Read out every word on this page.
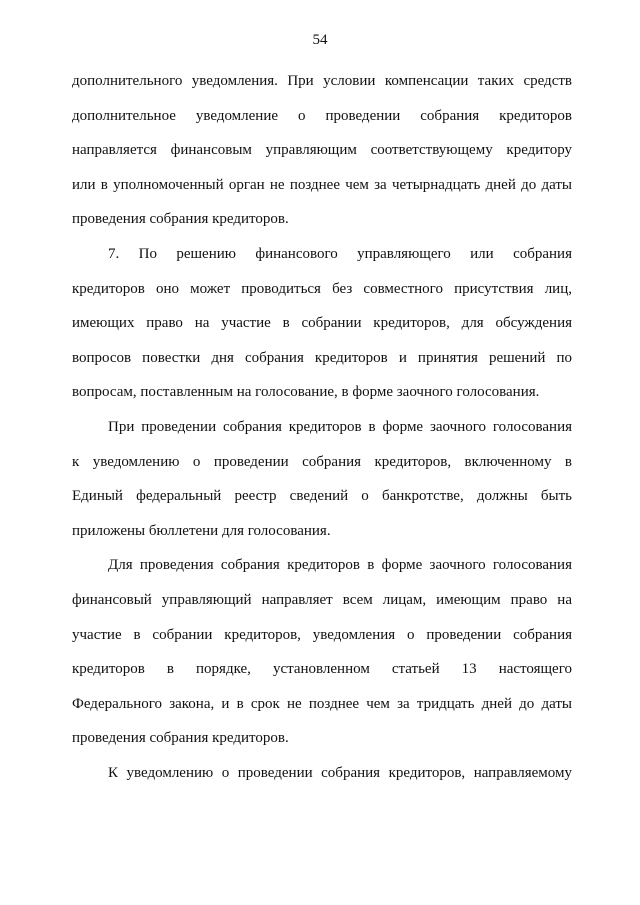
54
дополнительного уведомления. При условии компенсации таких средств
дополнительное уведомление о проведении собрания кредиторов
направляется финансовым управляющим соответствующему кредитору
или в уполномоченный орган не позднее чем за четырнадцать дней до даты
проведения собрания кредиторов.
7. По решению финансового управляющего или собрания
кредиторов оно может проводиться без совместного присутствия лиц,
имеющих право на участие в собрании кредиторов, для обсуждения
вопросов повестки дня собрания кредиторов и принятия решений по
вопросам, поставленным на голосование, в форме заочного голосования.
При проведении собрания кредиторов в форме заочного голосования
к уведомлению о проведении собрания кредиторов, включенному в
Единый федеральный реестр сведений о банкротстве, должны быть
приложены бюллетени для голосования.
Для проведения собрания кредиторов в форме заочного голосования
финансовый управляющий направляет всем лицам, имеющим право на
участие в собрании кредиторов, уведомления о проведении собрания
кредиторов в порядке, установленном статьей 13 настоящего
Федерального закона, и в срок не позднее чем за тридцать дней до даты
проведения собрания кредиторов.
К уведомлению о проведении собрания кредиторов, направляемому
